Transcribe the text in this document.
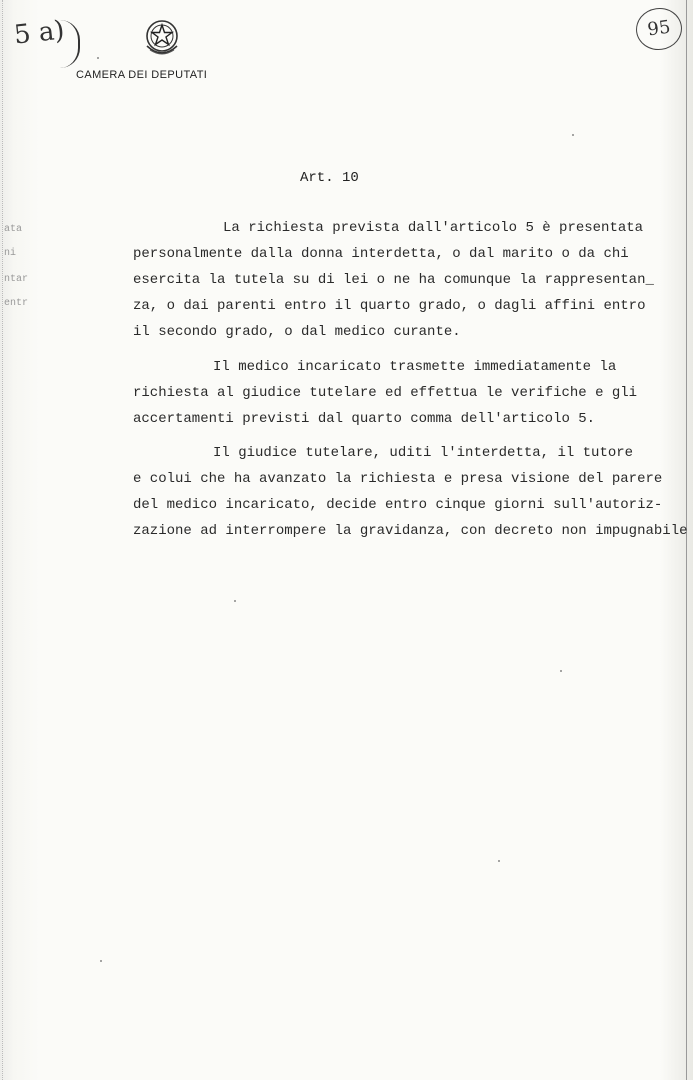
5 a)
CAMERA DEI DEPUTATI
95
Art. 10
La richiesta prevista dall'articolo 5 è presentata
personalmente dalla donna interdetta, o dal marito o da chi
esercita la tutela su di lei o ne ha comunque la rappresentan_
za, o dai parenti entro il quarto grado, o dagli affini entro
il secondo grado, o dal medico curante.
Il medico incaricato trasmette immediatamente la
richiesta al giudice tutelare ed effettua le verifiche e gli
accertamenti previsti dal quarto comma dell'articolo 5.
Il giudice tutelare, uditi l'interdetta, il tutore
e colui che ha avanzato la richiesta e presa visione del parere
del medico incaricato, decide entro cinque giorni sull'autoriz-
zazione ad interrompere la gravidanza, con decreto non impugnabile
ata
ni
ntar
entr
